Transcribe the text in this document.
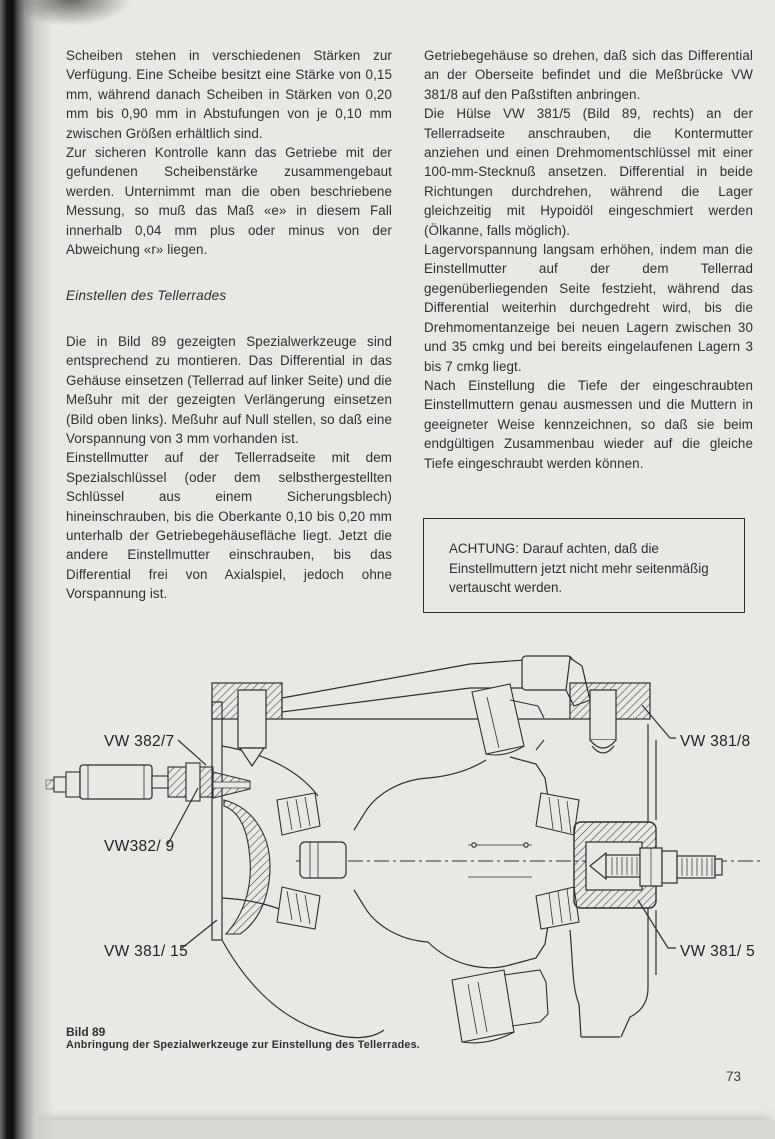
Scheiben stehen in verschiedenen Stärken zur Verfügung. Eine Scheibe besitzt eine Stärke von 0,15 mm, während danach Scheiben in Stärken von 0,20 mm bis 0,90 mm in Abstufungen von je 0,10 mm zwischen Größen erhältlich sind.

Zur sicheren Kontrolle kann das Getriebe mit der gefundenen Scheibenstärke zusammengebaut werden. Unternimmt man die oben beschriebene Messung, so muß das Maß «e» in diesem Fall innerhalb 0,04 mm plus oder minus von der Abweichung «r» liegen.

Einstellen des Tellerrades

Die in Bild 89 gezeigten Spezialwerkzeuge sind entsprechend zu montieren. Das Differential in das Gehäuse einsetzen (Tellerrad auf linker Seite) und die Meßuhr mit der gezeigten Verlängerung einsetzen (Bild oben links). Meßuhr auf Null stellen, so daß eine Vorspannung von 3 mm vorhanden ist.

Einstellmutter auf der Tellerradseite mit dem Spezialschlüssel (oder dem selbsthergestellten Schlüssel aus einem Sicherungsblech) hineinschrauben, bis die Oberkante 0,10 bis 0,20 mm unterhalb der Getriebegehäusefläche liegt. Jetzt die andere Einstellmutter einschrauben, bis das Differential frei von Axialspiel, jedoch ohne Vorspannung ist.

Getriebegehäuse so drehen, daß sich das Differential an der Oberseite befindet und die Meßbrücke VW 381/8 auf den Paßstiften anbringen.

Die Hülse VW 381/5 (Bild 89, rechts) an der Tellerradseite anschrauben, die Kontermutter anziehen und einen Drehmomentschlüssel mit einer 100-mm-Stecknuß ansetzen. Differential in beide Richtungen durchdrehen, während die Lager gleichzeitig mit Hypoidöl eingeschmiert werden (Ölkanne, falls möglich).

Lagervorspannung langsam erhöhen, indem man die Einstellmutter auf der dem Tellerrad gegenüberliegenden Seite festzieht, während das Differential weiterhin durchgedreht wird, bis die Drehmomentanzeige bei neuen Lagern zwischen 30 und 35 cmkg und bei bereits eingelaufenen Lagern 3 bis 7 cmkg liegt.

Nach Einstellung die Tiefe der eingeschraubten Einstellmuttern genau ausmessen und die Muttern in geeigneter Weise kennzeichnen, so daß sie beim endgültigen Zusammenbau wieder auf die gleiche Tiefe eingeschraubt werden können.

ACHTUNG: Darauf achten, daß die Einstellmuttern jetzt nicht mehr seitenmäßig vertauscht werden.

VW 382/7
VW382/ 9
VW 381/ 15
VW 381/8
VW 381/ 5
Bild 89
Anbringung der Spezialwerkzeuge zur Einstellung des Tellerrades.
73
